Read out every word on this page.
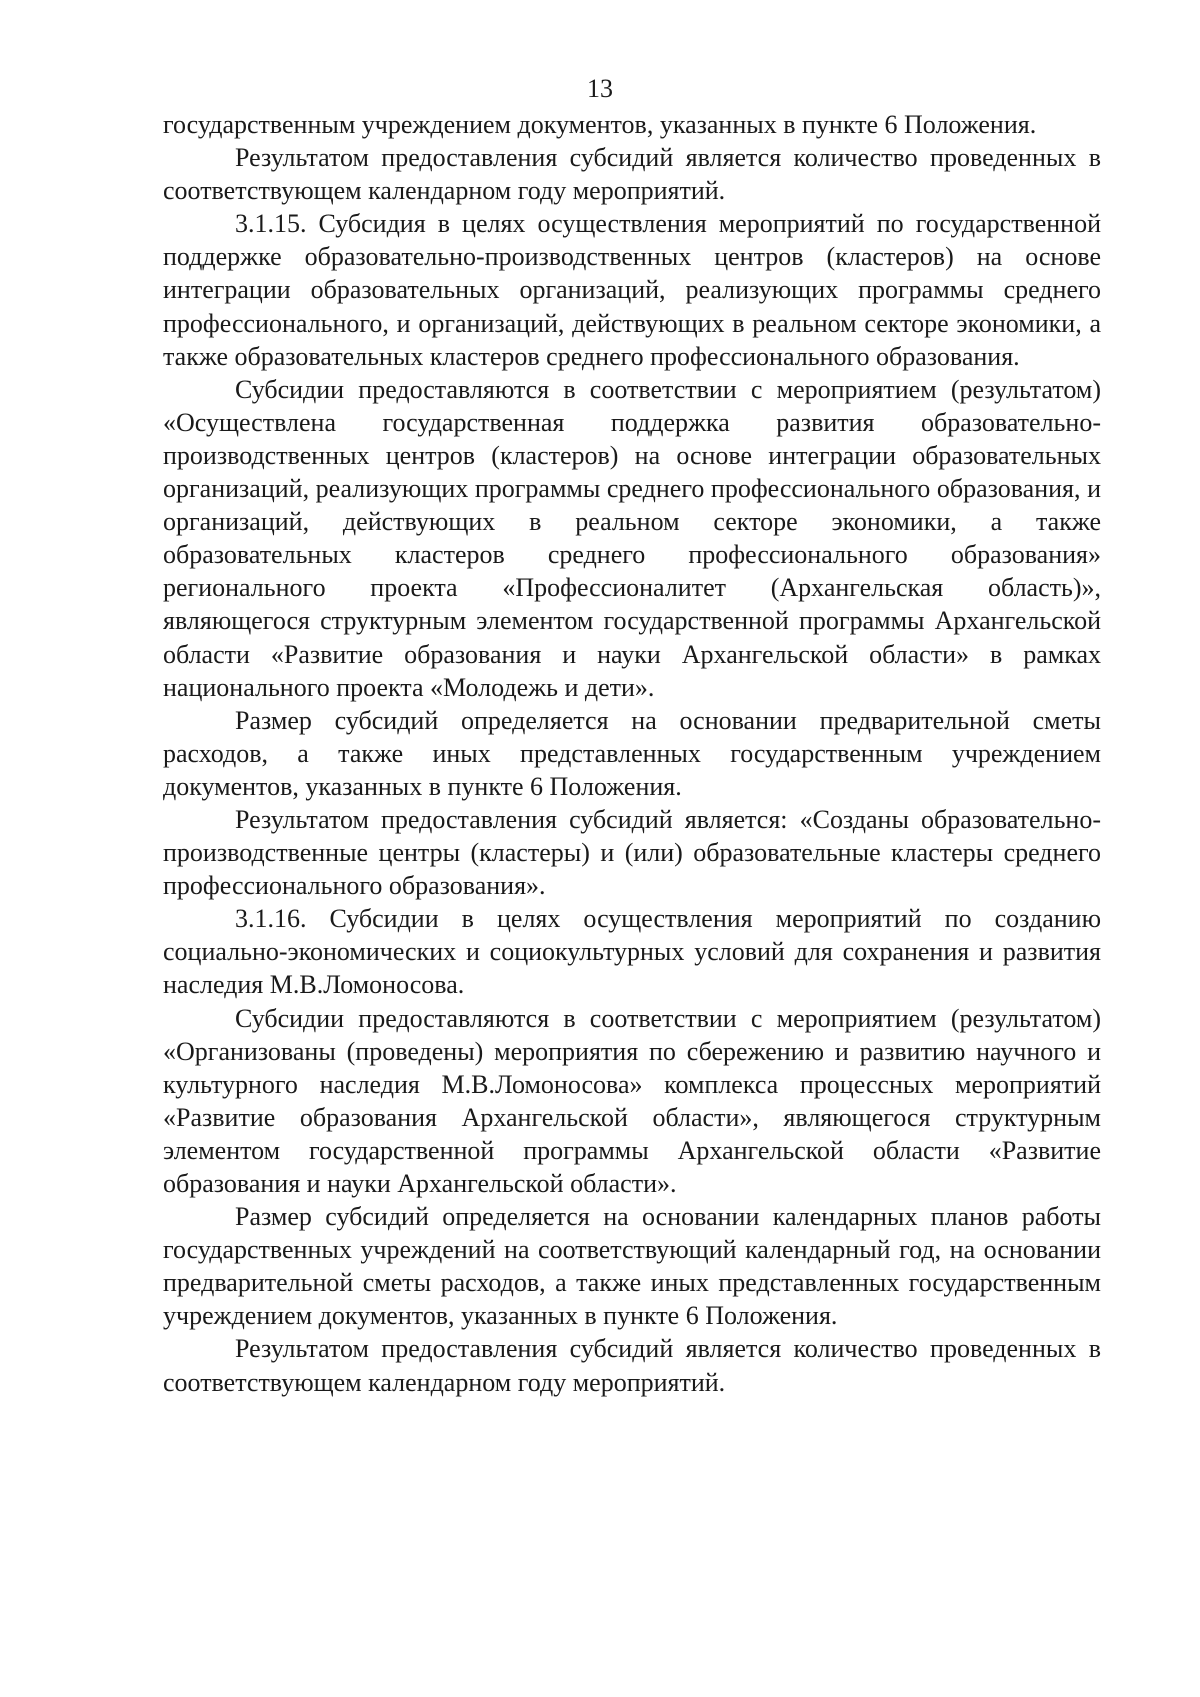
13

государственным учреждением документов, указанных в пункте 6 Положения.

Результатом предоставления субсидий является количество проведенных в соответствующем календарном году мероприятий.

3.1.15. Субсидия в целях осуществления мероприятий по государственной поддержке образовательно-производственных центров (кластеров) на основе интеграции образовательных организаций, реализующих программы среднего профессионального, и организаций, действующих в реальном секторе экономики, а также образовательных кластеров среднего профессионального образования.

Субсидии предоставляются в соответствии с мероприятием (результатом) «Осуществлена государственная поддержка развития образовательно-производственных центров (кластеров) на основе интеграции образовательных организаций, реализующих программы среднего профессионального образования, и организаций, действующих в реальном секторе экономики, а также образовательных кластеров среднего профессионального образования» регионального проекта «Профессионалитет (Архангельская область)», являющегося структурным элементом государственной программы Архангельской области «Развитие образования и науки Архангельской области» в рамках национального проекта «Молодежь и дети».

Размер субсидий определяется на основании предварительной сметы расходов, а также иных представленных государственным учреждением документов, указанных в пункте 6 Положения.

Результатом предоставления субсидий является: «Созданы образовательно-производственные центры (кластеры) и (или) образовательные кластеры среднего профессионального образования».

3.1.16. Субсидии в целях осуществления мероприятий по созданию социально-экономических и социокультурных условий для сохранения и развития наследия М.В.Ломоносова.

Субсидии предоставляются в соответствии с мероприятием (результатом) «Организованы (проведены) мероприятия по сбережению и развитию научного и культурного наследия М.В.Ломоносова» комплекса процессных мероприятий «Развитие образования Архангельской области», являющегося структурным элементом государственной программы Архангельской области «Развитие образования и науки Архангельской области».

Размер субсидий определяется на основании календарных планов работы государственных учреждений на соответствующий календарный год, на основании предварительной сметы расходов, а также иных представленных государственным учреждением документов, указанных в пункте 6 Положения.

Результатом предоставления субсидий является количество проведенных в соответствующем календарном году мероприятий.
